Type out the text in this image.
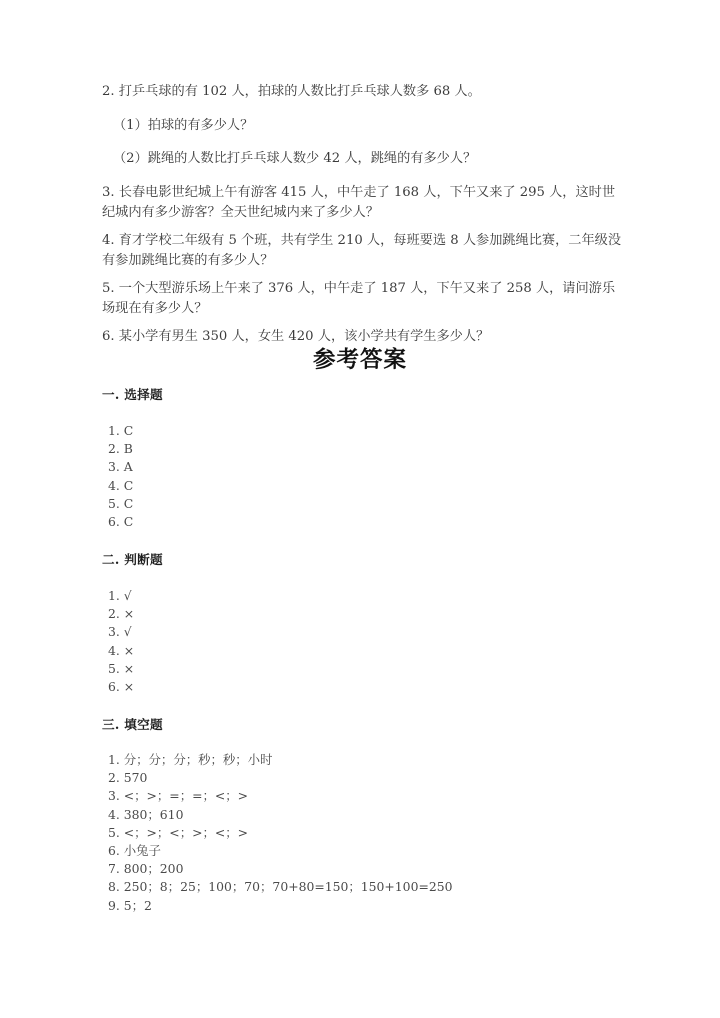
2. 打乒乓球的有 102 人，拍球的人数比打乒乓球人数多 68 人。
（1）拍球的有多少人？
（2）跳绳的人数比打乒乓球人数少 42 人，跳绳的有多少人？
3. 长春电影世纪城上午有游客 415 人，中午走了 168 人，下午又来了 295 人，这时世纪城内有多少游客？全天世纪城内来了多少人？
4. 育才学校二年级有 5 个班，共有学生 210 人，每班要选 8 人参加跳绳比赛，二年级没有参加跳绳比赛的有多少人？
5. 一个大型游乐场上午来了 376 人，中午走了 187 人，下午又来了 258 人，请问游乐场现在有多少人？
6. 某小学有男生 350 人，女生 420 人，该小学共有学生多少人？
参考答案
一. 选择题
1. C
2. B
3. A
4. C
5. C
6. C
二. 判断题
1. √
2. ×
3. √
4. ×
5. ×
6. ×
三. 填空题
1. 分；分；分；秒；秒；小时
2. 570
3. <；>；=；=；<；>
4. 380；610
5. <；>；<；>；<；>
6. 小兔子
7. 800；200
8. 250；8；25；100；70；70+80=150；150+100=250
9. 5；2
